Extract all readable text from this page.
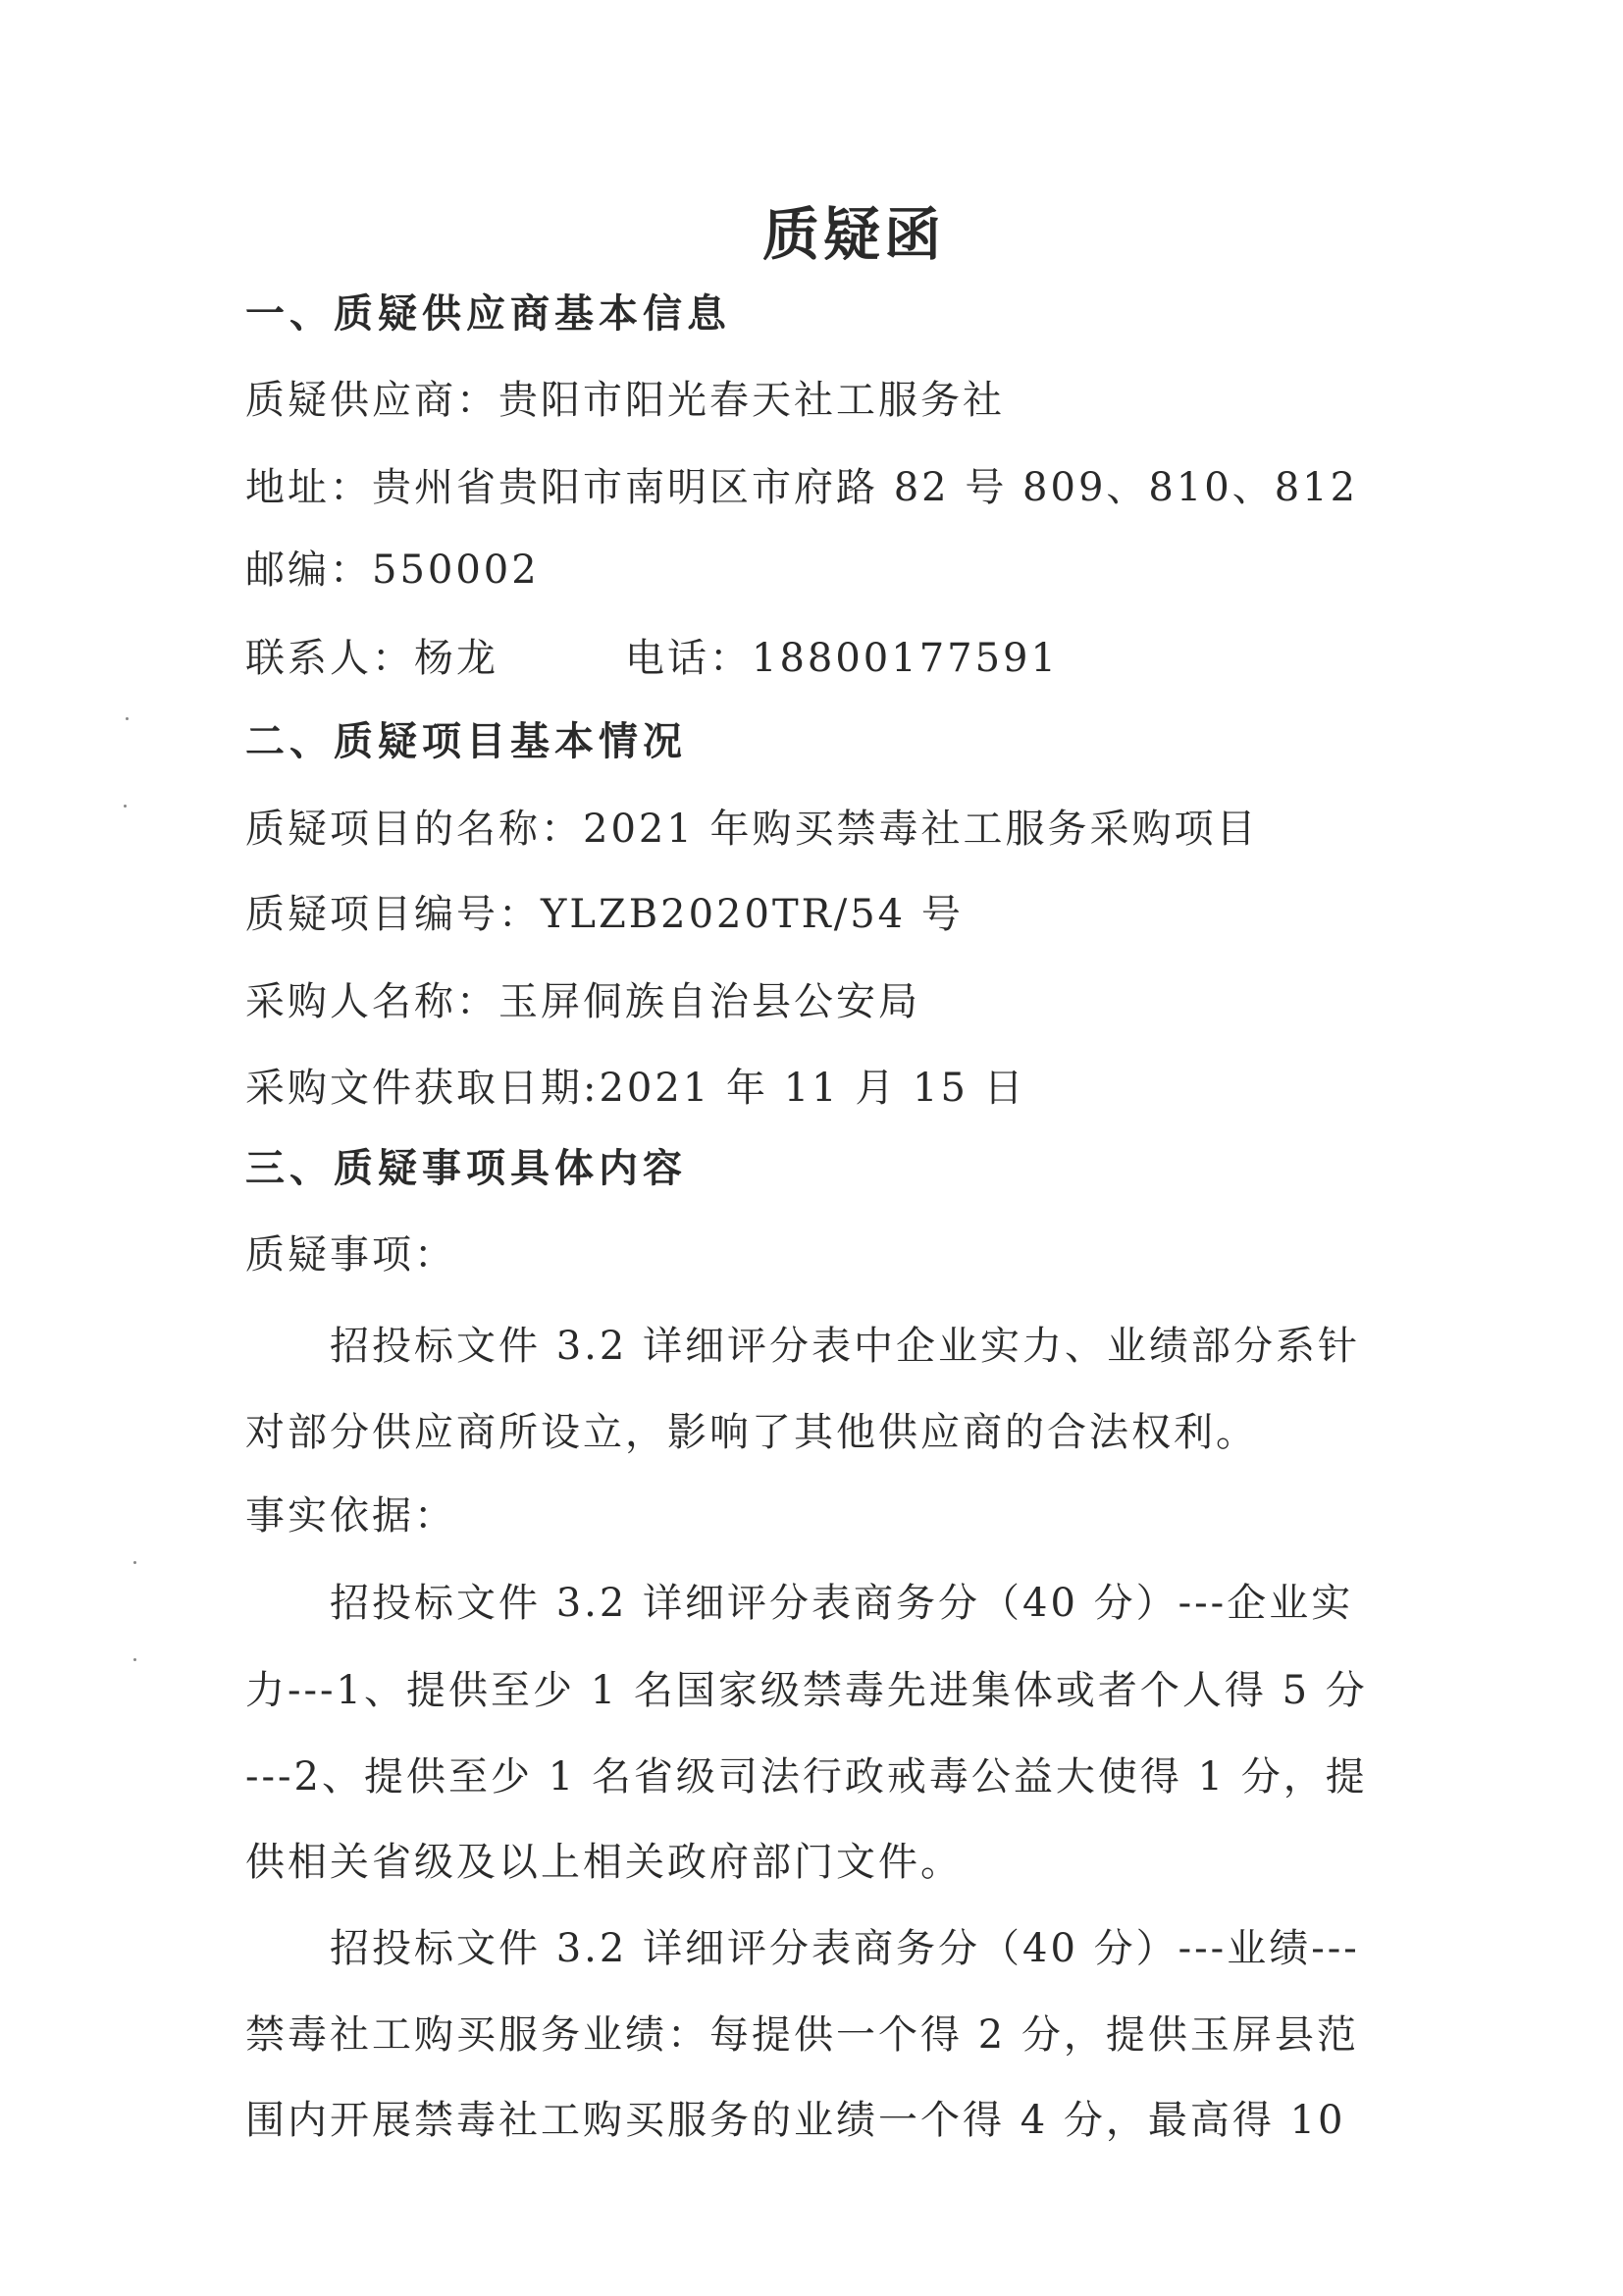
质疑函
一、质疑供应商基本信息
质疑供应商：贵阳市阳光春天社工服务社
地址：贵州省贵阳市南明区市府路 82 号 809、810、812
邮编：550002
联系人：杨龙	电话：18800177591
二、质疑项目基本情况
质疑项目的名称：2021 年购买禁毒社工服务采购项目
质疑项目编号：YLZB2020TR/54 号
采购人名称：玉屏侗族自治县公安局
采购文件获取日期:2021 年 11 月 15 日
三、质疑事项具体内容
质疑事项：
招投标文件 3.2 详细评分表中企业实力、业绩部分系针
对部分供应商所设立，影响了其他供应商的合法权利。
事实依据：
招投标文件 3.2 详细评分表商务分（40 分）---企业实
力---1、提供至少 1 名国家级禁毒先进集体或者个人得 5 分
---2、提供至少 1 名省级司法行政戒毒公益大使得 1 分，提
供相关省级及以上相关政府部门文件。
招投标文件 3.2 详细评分表商务分（40 分）---业绩---
禁毒社工购买服务业绩：每提供一个得 2 分，提供玉屏县范
围内开展禁毒社工购买服务的业绩一个得 4 分，最高得 10
